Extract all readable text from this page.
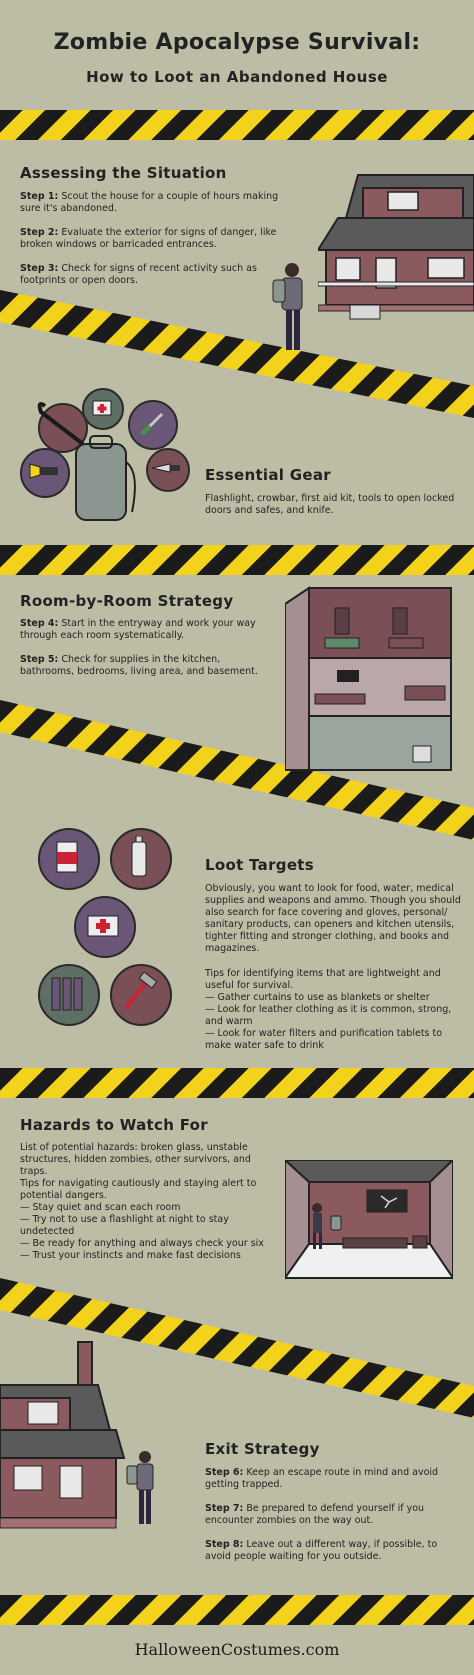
Zombie Apocalypse Survival:
How to Loot an Abandoned House
Assessing the Situation
Step 1: Scout the house for a couple of hours making sure it's abandoned.
Step 2: Evaluate the exterior for signs of danger, like broken windows or barricaded entrances.
Step 3: Check for signs of recent activity such as footprints or open doors.
Essential Gear
Flashlight, crowbar, first aid kit, tools to open locked doors and safes, and knife.
Room-by-Room Strategy
Step 4: Start in the entryway and work your way through each room systematically.
Step 5: Check for supplies in the kitchen, bathrooms, bedrooms, living area, and basement.
Loot Targets
Obviously, you want to look for food, water, medical supplies and weapons and ammo. Though you should also search for face covering and gloves, personal/ sanitary products, can openers and kitchen utensils, tighter fitting and stronger clothing, and books and magazines.
Tips for identifying items that are lightweight and useful for survival.
— Gather curtains to use as blankets or shelter
— Look for leather clothing as it is common, strong, and warm
— Look for water filters and purification tablets to make water safe to drink
Hazards to Watch For
List of potential hazards: broken glass, unstable structures, hidden zombies, other survivors, and traps.
Tips for navigating cautiously and staying alert to potential dangers.
— Stay quiet and scan each room
— Try not to use a flashlight at night to stay undetected
— Be ready for anything and always check your six
— Trust your instincts and make fast decisions
Exit Strategy
Step 6: Keep an escape route in mind and avoid getting trapped.
Step 7: Be prepared to defend yourself if you encounter zombies on the way out.
Step 8: Leave out a different way, if possible, to avoid people waiting for you outside.
HalloweenCostumes.com
